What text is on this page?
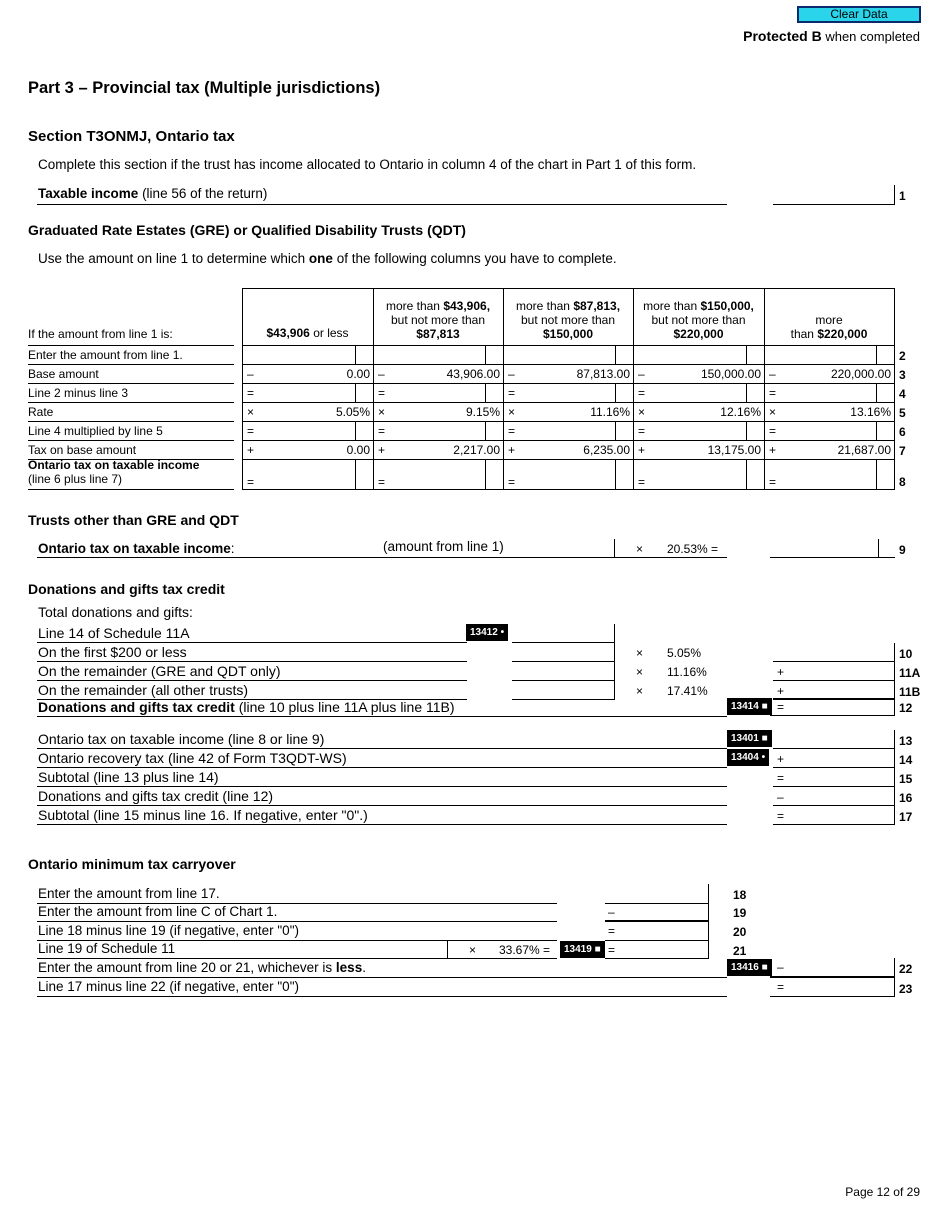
Clear Data
Protected B when completed
Part 3 – Provincial tax (Multiple jurisdictions)
Section T3ONMJ, Ontario tax
Complete this section if the trust has income allocated to Ontario in column 4 of the chart in Part 1 of this form.
Taxable income (line 56 of the return)	1
Graduated Rate Estates (GRE) or Qualified Disability Trusts (QDT)
Use the amount on line 1 to determine which one of the following columns you have to complete.
If the amount from line 1 is:	$43,906 or less
more than $43,906,
but not more than
$87,813
more than $87,813,
but not more than
$150,000
more than $150,000,
but not more than
$220,000
more
than $220,000
Enter the amount from line 1.	2
Base amount	–	0.00 –	43,906.00 –	87,813.00 –	150,000.00 –	220,000.00 3
Line 2 minus line 3	=	=	=	=	=	4
Rate	×	5.05% ×	9.15% ×	11.16% ×	12.16% ×	13.16% 5
Line 4 multiplied by line 5	=	=	=	=	=	6
Tax on base amount	+	0.00 +	2,217.00 +	6,235.00 +	13,175.00 +	21,687.00 7
Ontario tax on taxable income
(line 6 plus line 7)	=	=	=	=	=	8
Trusts other than GRE and QDT
Ontario tax on taxable income:	(amount from line 1)	× 20.53% =	9
Donations and gifts tax credit
Total donations and gifts:
Line 14 of Schedule 11A	13412 •
On the first $200 or less	× 5.05%	10
On the remainder (GRE and QDT only)	× 11.16%	+	11A
On the remainder (all other trusts)	× 17.41%	+	11B
Donations and gifts tax credit (line 10 plus line 11A plus line 11B)	13414 ■ =	12
Ontario tax on taxable income (line 8 or line 9)	13401 ■	13
Ontario recovery tax (line 42 of Form T3QDT-WS)	13404 • +	14
Subtotal (line 13 plus line 14)	=	15
Donations and gifts tax credit (line 12)	–	16
Subtotal (line 15 minus line 16. If negative, enter "0".)	=	17
Ontario minimum tax carryover
Enter the amount from line 17.	18
Enter the amount from line C of Chart 1.	–	19
Line 18 minus line 19 (if negative, enter "0")	=	20
Line 19 of Schedule 11	× 33.67% =	13419 ■ =	21
Enter the amount from line 20 or 21, whichever is less.	13416 ■ –	22
Line 17 minus line 22 (if negative, enter "0")	=	23
Page 12 of 29
